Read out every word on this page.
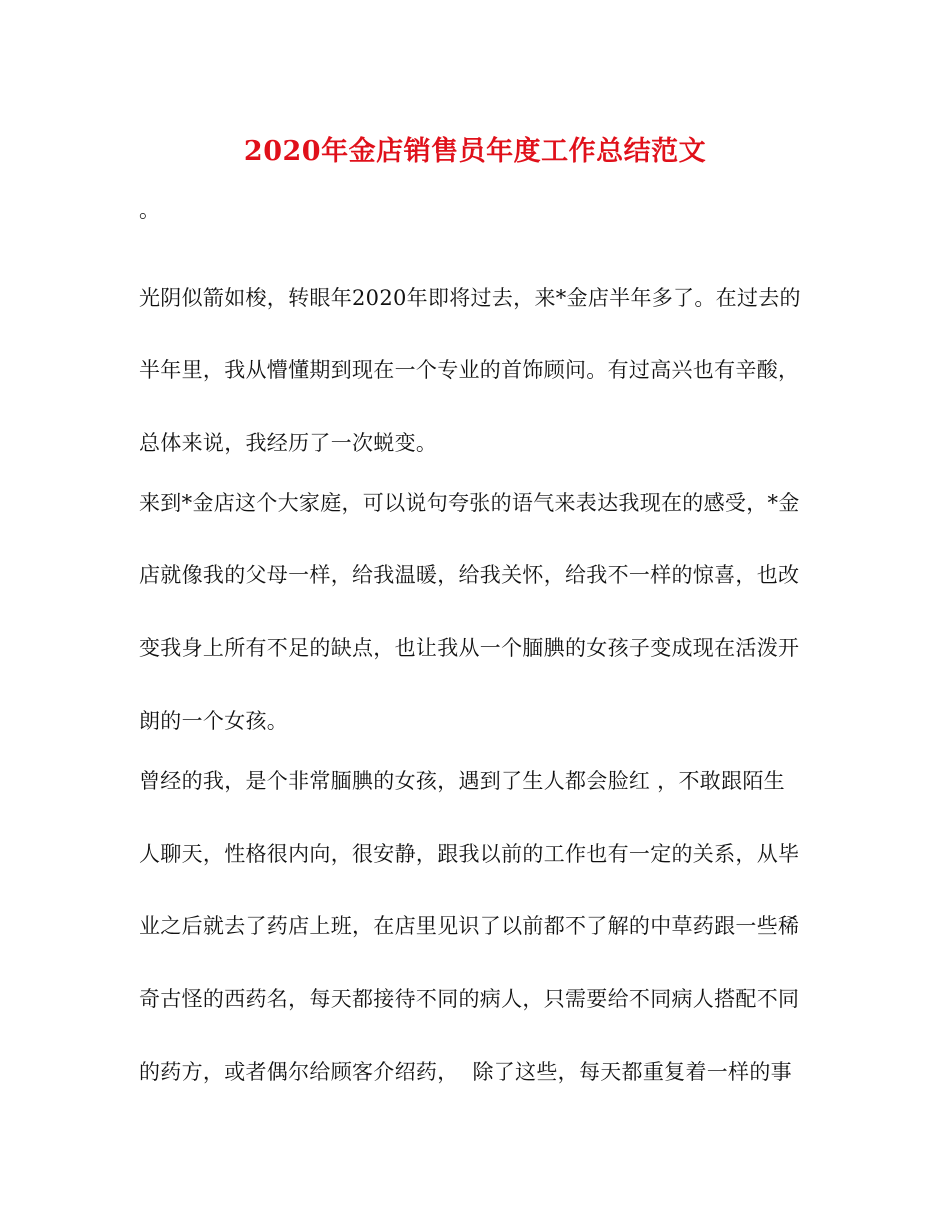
2020年金店销售员年度工作总结范文
。
光阴似箭如梭，转眼年2020年即将过去，来*金店半年多了。在过去的
半年里，我从懵懂期到现在一个专业的首饰顾问。有过高兴也有辛酸，
总体来说，我经历了一次蜕变。
来到*金店这个大家庭，可以说句夸张的语气来表达我现在的感受，*金
店就像我的父母一样，给我温暖，给我关怀，给我不一样的惊喜，也改
变我身上所有不足的缺点，也让我从一个腼腆的女孩子变成现在活泼开
朗的一个女孩。
曾经的我，是个非常腼腆的女孩，遇到了生人都会脸红 ，不敢跟陌生
人聊天，性格很内向，很安静，跟我以前的工作也有一定的关系，从毕
业之后就去了药店上班，在店里见识了以前都不了解的中草药跟一些稀
奇古怪的西药名，每天都接待不同的病人，只需要给不同病人搭配不同
的药方，或者偶尔给顾客介绍药，  除了这些，每天都重复着一样的事
